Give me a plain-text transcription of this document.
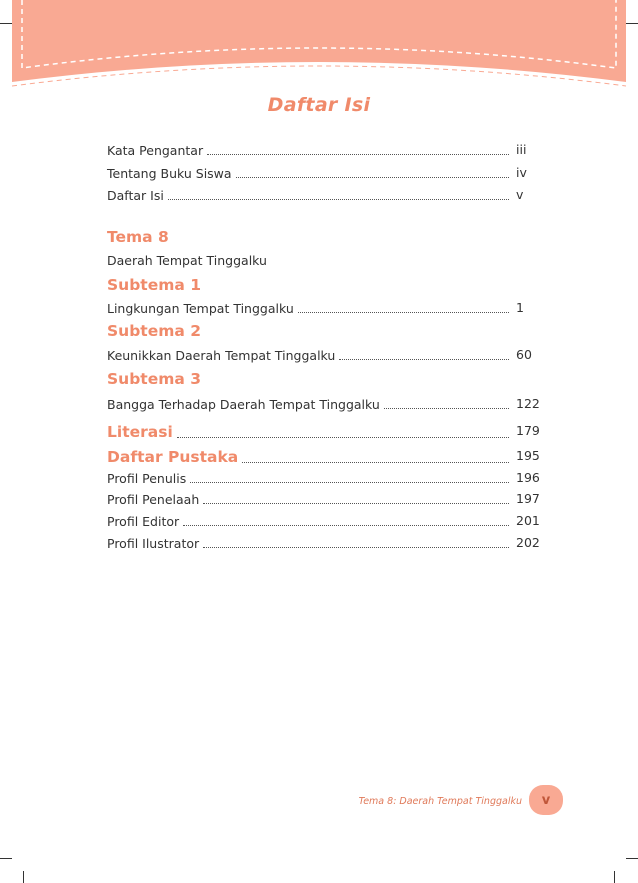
Daftar Isi
Kata Pengantar	iii
Tentang Buku Siswa	iv
Daftar Isi	v
Tema 8
Daerah Tempat Tinggalku
Subtema 1
Lingkungan Tempat Tinggalku	1
Subtema 2
Keunikkan Daerah Tempat Tinggalku	60
Subtema 3
Bangga Terhadap Daerah Tempat Tinggalku	122
Literasi	179
Daftar Pustaka	195
Profil Penulis	196
Profil Penelaah	197
Profil Editor	201
Profil Ilustrator	202
Tema 8: Daerah Tempat Tinggalku	v
